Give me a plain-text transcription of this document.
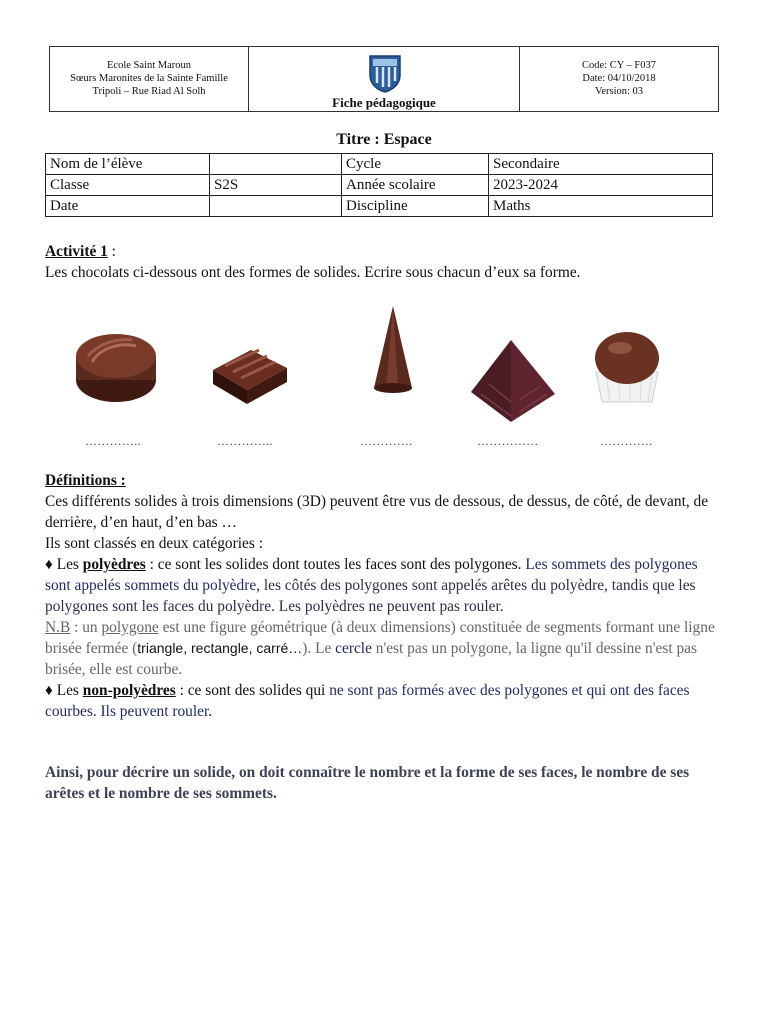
Ecole Saint Maroun
Sœurs Maronites de la Sainte Famille
Tripoli – Rue Riad Al Solh
Fiche pédagogique
Code: CY – F037
Date: 04/10/2018
Version: 03
Titre : Espace
Nom de l’élève		Cycle	Secondaire
Classe	S2S	Année scolaire	2023-2024
Date		Discipline	Maths
Activité 1 :
Les chocolats ci-dessous ont des formes de solides. Ecrire sous chacun d’eux sa forme.
…………..	…………..	………….	……………	………….
Définitions :
Ces différents solides à trois dimensions (3D) peuvent être vus de dessous, de dessus, de côté, de devant, de derrière, d’en haut, d’en bas …
Ils sont classés en deux catégories :
♦ Les polyèdres : ce sont les solides dont toutes les faces sont des polygones. Les sommets des polygones sont appelés sommets du polyèdre, les côtés des polygones sont appelés arêtes du polyèdre, tandis que les polygones sont les faces du polyèdre. Les polyèdres ne peuvent pas rouler.
N.B : un polygone est une figure géométrique (à deux dimensions) constituée de segments formant une ligne brisée fermée (triangle, rectangle, carré…). Le cercle n'est pas un polygone, la ligne qu'il dessine n'est pas brisée, elle est courbe.
♦ Les non-polyèdres : ce sont des solides qui ne sont pas formés avec des polygones et qui ont des faces courbes. Ils peuvent rouler.
Ainsi, pour décrire un solide, on doit connaître le nombre et la forme de ses faces, le nombre de ses arêtes et le nombre de ses sommets.
